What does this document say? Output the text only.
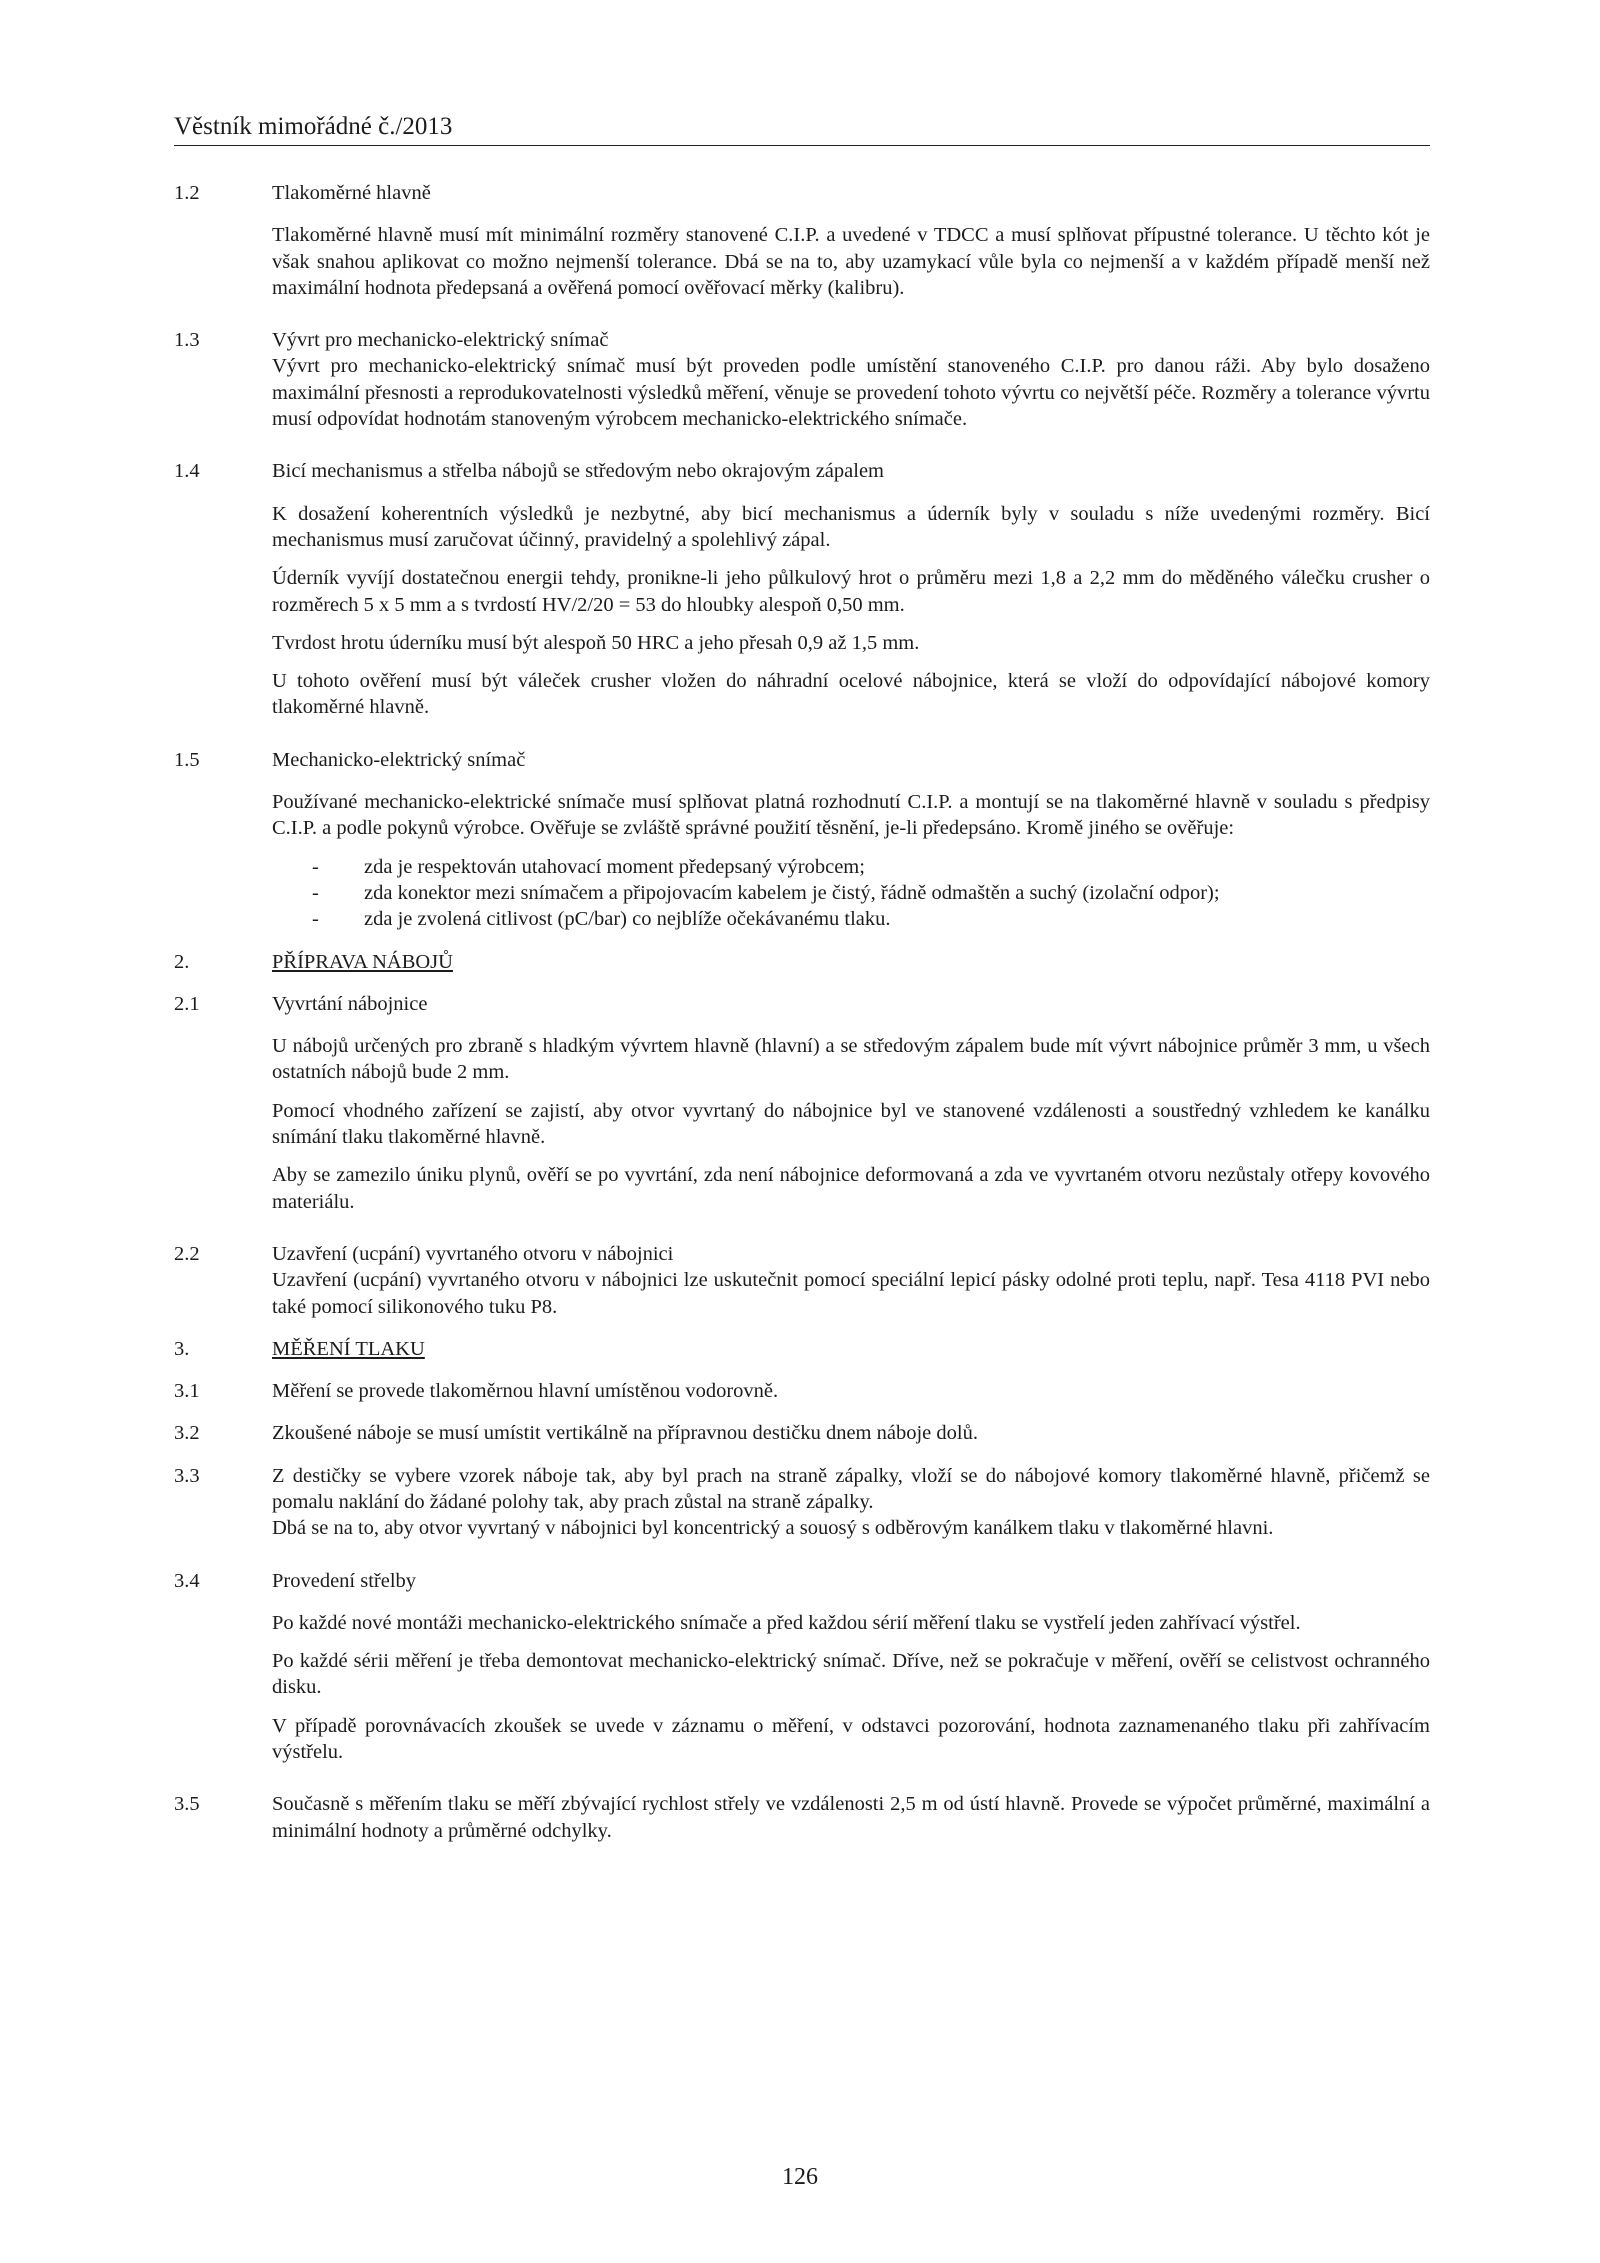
Věstník mimořádné č./2013
1.2	Tlakoměrné hlavně
Tlakoměrné hlavně musí mít minimální rozměry stanovené C.I.P. a uvedené v TDCC a musí splňovat přípustné tolerance. U těchto kót je však snahou aplikovat co možno nejmenší tolerance. Dbá se na to, aby uzamykací vůle byla co nejmenší a v každém případě menší než maximální hodnota předepsaná a ověřená pomocí ověřovací měrky (kalibru).
1.3	Vývrt pro mechanicko-elektrický snímač
Vývrt pro mechanicko-elektrický snímač musí být proveden podle umístění stanoveného C.I.P. pro danou ráži. Aby bylo dosaženo maximální přesnosti a reprodukovatelnosti výsledků měření, věnuje se provedení tohoto vývrtu co největší péče. Rozměry a tolerance vývrtu musí odpovídat hodnotám stanoveným výrobcem mechanicko-elektrického snímače.
1.4	Bicí mechanismus a střelba nábojů se středovým nebo okrajovým zápalem
K dosažení koherentních výsledků je nezbytné, aby bicí mechanismus a úderník byly v souladu s níže uvedenými rozměry. Bicí mechanismus musí zaručovat účinný, pravidelný a spolehlivý zápal.
Úderník vyvíjí dostatečnou energii tehdy, pronikne-li jeho půlkulový hrot o průměru mezi 1,8 a 2,2 mm do měděného válečku crusher o rozměrech 5 x 5 mm a s tvrdostí HV/2/20 = 53 do hloubky alespoň 0,50 mm.
Tvrdost hrotu úderníku musí být alespoň 50 HRC a jeho přesah 0,9 až 1,5 mm.
U tohoto ověření musí být váleček crusher vložen do náhradní ocelové nábojnice, která se vloží do odpovídající nábojové komory tlakoměrné hlavně.
1.5	Mechanicko-elektrický snímač
Používané mechanicko-elektrické snímače musí splňovat platná rozhodnutí C.I.P. a montují se na tlakoměrné hlavně v souladu s předpisy C.I.P. a podle pokynů výrobce. Ověřuje se zvláště správné použití těsnění, je-li předepsáno. Kromě jiného se ověřuje:
- zda je respektován utahovací moment předepsaný výrobcem;
- zda konektor mezi snímačem a připojovacím kabelem je čistý, řádně odmaštěn a suchý (izolační odpor);
- zda je zvolená citlivost (pC/bar) co nejblíže očekávanému tlaku.
2.	PŘÍPRAVA NÁBOJŮ
2.1	Vyvrtání nábojnice
U nábojů určených pro zbraně s hladkým vývrtem hlavně (hlavní) a se středovým zápalem bude mít vývrt nábojnice průměr 3 mm, u všech ostatních nábojů bude 2 mm.
Pomocí vhodného zařízení se zajistí, aby otvor vyvrtaný do nábojnice byl ve stanovené vzdálenosti a soustředný vzhledem ke kanálku snímání tlaku tlakoměrné hlavně.
Aby se zamezilo úniku plynů, ověří se po vyvrtání, zda není nábojnice deformovaná a zda ve vyvrtaném otvoru nezůstaly otřepy kovového materiálu.
2.2	Uzavření (ucpání) vyvrtaného otvoru v nábojnici
Uzavření (ucpání) vyvrtaného otvoru v nábojnici lze uskutečnit pomocí speciální lepicí pásky odolné proti teplu, např. Tesa 4118 PVI nebo také pomocí silikonového tuku P8.
3.	MĚŘENÍ TLAKU
3.1	Měření se provede tlakoměrnou hlavní umístěnou vodorovně.
3.2	Zkoušené náboje se musí umístit vertikálně na přípravnou destičku dnem náboje dolů.
3.3	Z destičky se vybere vzorek náboje tak, aby byl prach na straně zápalky, vloží se do nábojové komory tlakoměrné hlavně, přičemž se pomalu naklání do žádané polohy tak, aby prach zůstal na straně zápalky.
Dbá se na to, aby otvor vyvrtaný v nábojnici byl koncentrický a souosý s odběrovým kanálkem tlaku v tlakoměrné hlavni.
3.4	Provedení střelby
Po každé nové montáži mechanicko-elektrického snímače a před každou sérií měření tlaku se vystřelí jeden zahřívací výstřel.
Po každé sérii měření je třeba demontovat mechanicko-elektrický snímač. Dříve, než se pokračuje v měření, ověří se celistvost ochranného disku.
V případě porovnávacích zkoušek se uvede v záznamu o měření, v odstavci pozorování, hodnota zaznamenaného tlaku při zahřívacím výstřelu.
3.5	Současně s měřením tlaku se měří zbývající rychlost střely ve vzdálenosti 2,5 m od ústí hlavně. Provede se výpočet průměrné, maximální a minimální hodnoty a průměrné odchylky.
126
